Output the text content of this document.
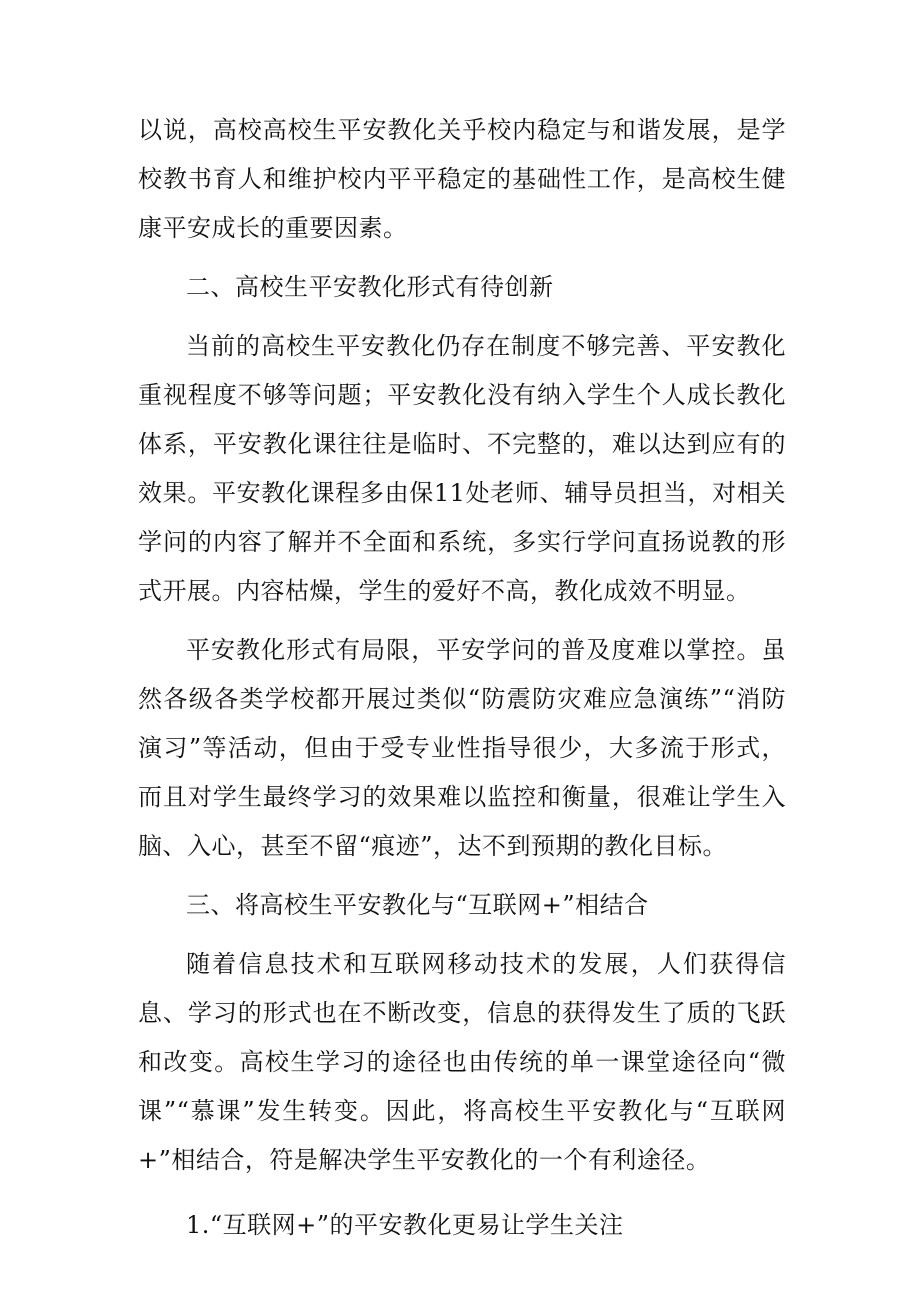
以说，高校高校生平安教化关乎校内稳定与和谐发展，是学校教书育人和维护校内平平稳定的基础性工作，是高校生健康平安成长的重要因素。

二、高校生平安教化形式有待创新

当前的高校生平安教化仍存在制度不够完善、平安教化重视程度不够等问题；平安教化没有纳入学生个人成长教化体系，平安教化课往往是临时、不完整的，难以达到应有的效果。平安教化课程多由保11处老师、辅导员担当，对相关学问的内容了解并不全面和系统，多实行学问直扬说教的形式开展。内容枯燥，学生的爱好不高，教化成效不明显。

平安教化形式有局限，平安学问的普及度难以掌控。虽然各级各类学校都开展过类似“防震防灾难应急演练”“消防演习”等活动，但由于受专业性指导很少，大多流于形式，而且对学生最终学习的效果难以监控和衡量，很难让学生入脑、入心，甚至不留“痕迹”，达不到预期的教化目标。

三、将高校生平安教化与“互联网+”相结合

随着信息技术和互联网移动技术的发展，人们获得信息、学习的形式也在不断改变，信息的获得发生了质的飞跃和改变。高校生学习的途径也由传统的单一课堂途径向“微课”“慕课”发生转变。因此，将高校生平安教化与“互联网+”相结合，符是解决学生平安教化的一个有利途径。

1.“互联网+”的平安教化更易让学生关注
